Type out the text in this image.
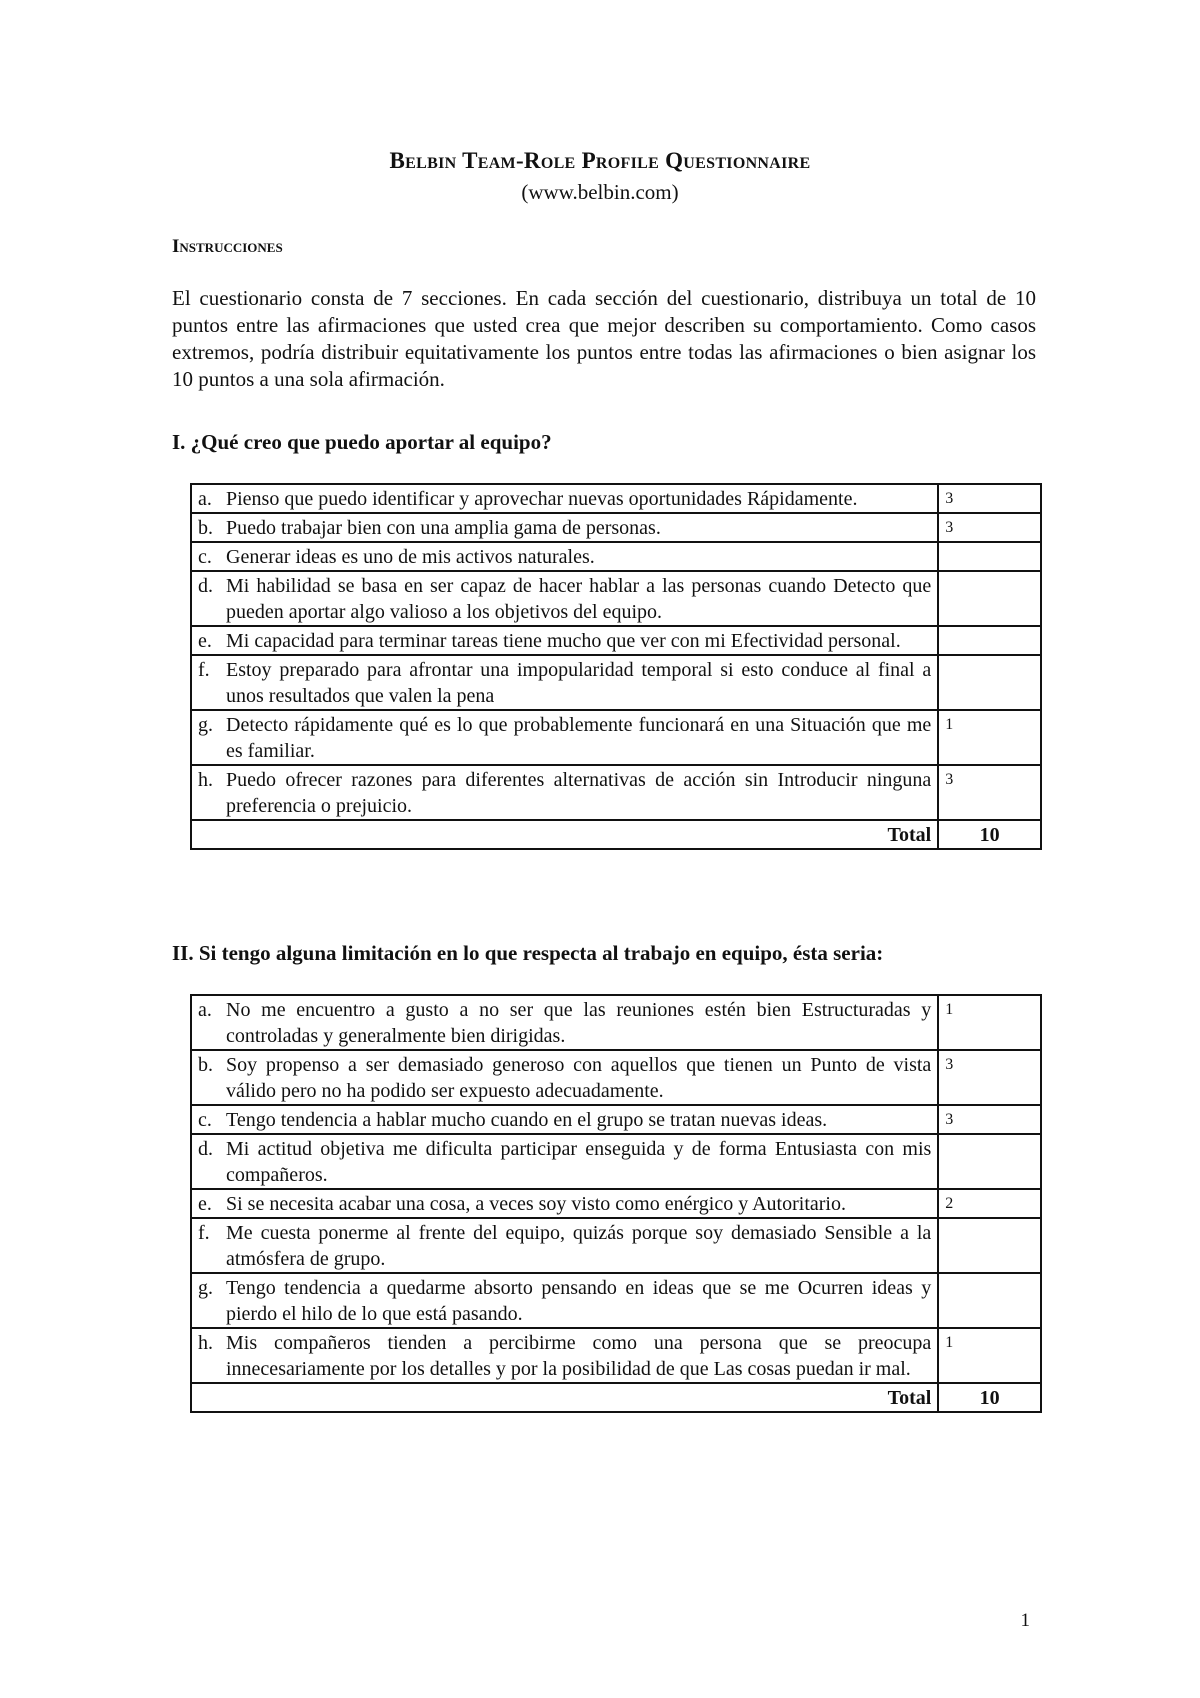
Belbin Team-Role Profile Questionnaire
(www.belbin.com)
Instrucciones

El cuestionario consta de 7 secciones. En cada sección del cuestionario, distribuya un total de 10 puntos entre las afirmaciones que usted crea que mejor describen su comportamiento. Como casos extremos, podría distribuir equitativamente los puntos entre todas las afirmaciones o bien asignar los 10 puntos a una sola afirmación.

I. ¿Qué creo que puedo aportar al equipo?

a. Pienso que puedo identificar y aprovechar nuevas oportunidades Rápidamente.	3

b. Puedo trabajar bien con una amplia gama de personas.	3

c. Generar ideas es uno de mis activos naturales.	

d. Mi habilidad se basa en ser capaz de hacer hablar a las personas cuando Detecto que pueden aportar algo valioso a los objetivos del equipo.	

e. Mi capacidad para terminar tareas tiene mucho que ver con mi Efectividad personal.	

f. Estoy preparado para afrontar una impopularidad temporal si esto conduce al final a unos resultados que valen la pena	

g. Detecto rápidamente qué es lo que probablemente funcionará en una Situación que me es familiar.	1

h. Puedo ofrecer razones para diferentes alternativas de acción sin Introducir ninguna preferencia o prejuicio.	3
Total	10

II. Si tengo alguna limitación en lo que respecta al trabajo en equipo, ésta seria:

a. No me encuentro a gusto a no ser que las reuniones estén bien Estructuradas y controladas y generalmente bien dirigidas.	1

b. Soy propenso a ser demasiado generoso con aquellos que tienen un Punto de vista válido pero no ha podido ser expuesto adecuadamente.	3

c. Tengo tendencia a hablar mucho cuando en el grupo se tratan nuevas ideas.	3

d. Mi actitud objetiva me dificulta participar enseguida y de forma Entusiasta con mis compañeros.	

e. Si se necesita acabar una cosa, a veces soy visto como enérgico y Autoritario.	2

f. Me cuesta ponerme al frente del equipo, quizás porque soy demasiado Sensible a la atmósfera de grupo.	

g. Tengo tendencia a quedarme absorto pensando en ideas que se me Ocurren ideas y pierdo el hilo de lo que está pasando.	

h. Mis compañeros tienden a percibirme como una persona que se preocupa innecesariamente por los detalles y por la posibilidad de que Las cosas puedan ir mal.	1
Total	10
1
